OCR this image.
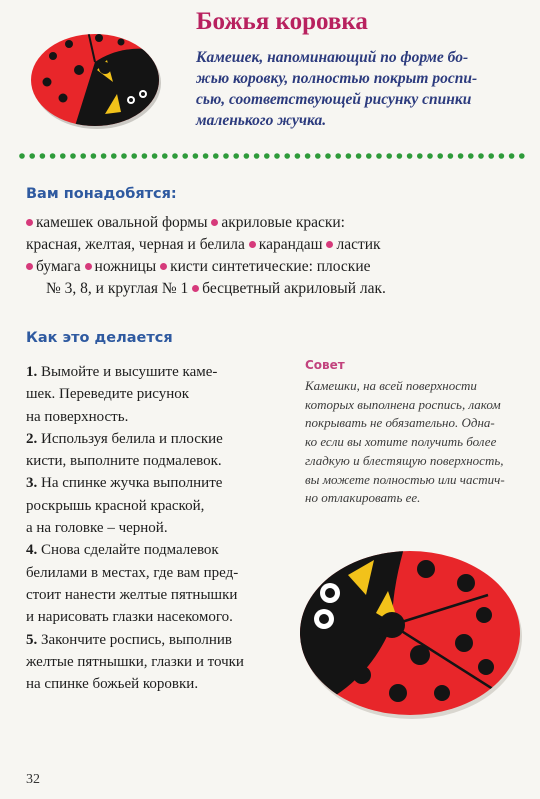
Божья коровка
Камешек, напоминающий по форме бо-
жью коровку, полностью покрыт роспи-
сью, соответствующей рисунку спинки
маленького жучка.
Вам понадобятся:
камешек овальной формы акриловые краски:
красная, желтая, черная и белила карандаш ластик
бумага ножницы кисти синтетические: плоские
№ 3, 8, и круглая № 1 бесцветный акриловый лак.
Как это делается
1. Вымойте и высушите каме-
шек. Переведите рисунок
на поверхность.
2. Используя белила и плоские
кисти, выполните подмалевок.
3. На спинке жучка выполните
роскрышь красной краской,
а на головке – черной.
4. Снова сделайте подмалевок
белилами в местах, где вам пред-
стоит нанести желтые пятнышки
и нарисовать глазки насекомого.
5. Закончите роспись, выполнив
желтые пятнышки, глазки и точки
на спинке божьей коровки.
Совет
Камешки, на всей поверхности
которых выполнена роспись, лаком
покрывать не обязательно. Одна-
ко если вы хотите получить более
гладкую и блестящую поверхность,
вы можете полностью или частич-
но отлакировать ее.
32
